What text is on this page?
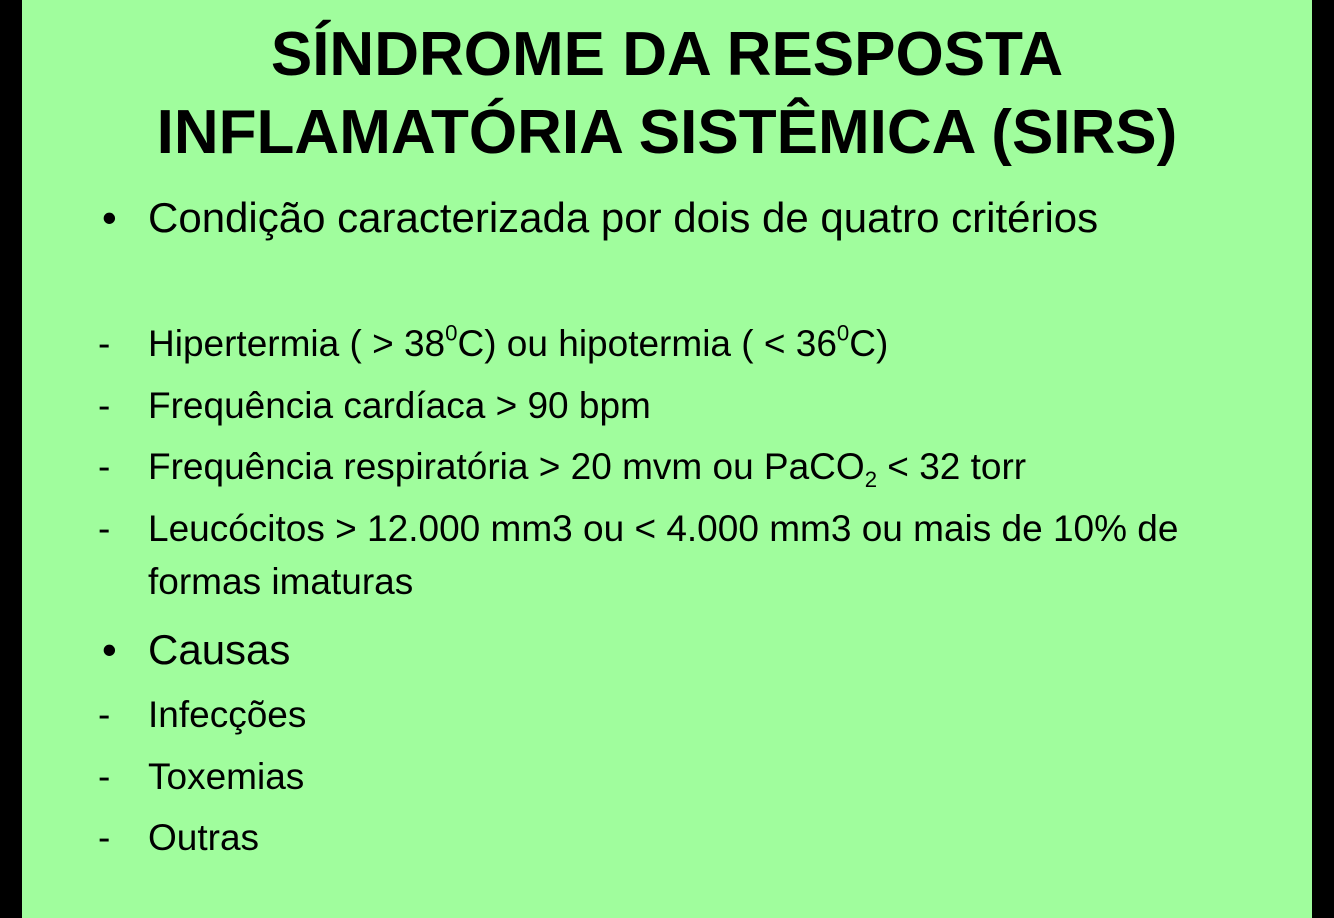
SÍNDROME DA RESPOSTA
INFLAMATÓRIA SISTÊMICA (SIRS)

• Condição caracterizada por dois de quatro critérios

- Hipertermia ( > $38^0C$) ou hipotermia ( < $36^0C$)

- Frequência cardíaca > 90 bpm

- Frequência respiratória > 20 mvm ou PaCO$_2$ < 32 torr

- Leucócitos > 12.000 mm3 ou < 4.000 mm3 ou mais de 10% de formas imaturas

• Causas

- Infecções

- Toxemias

- Outras
